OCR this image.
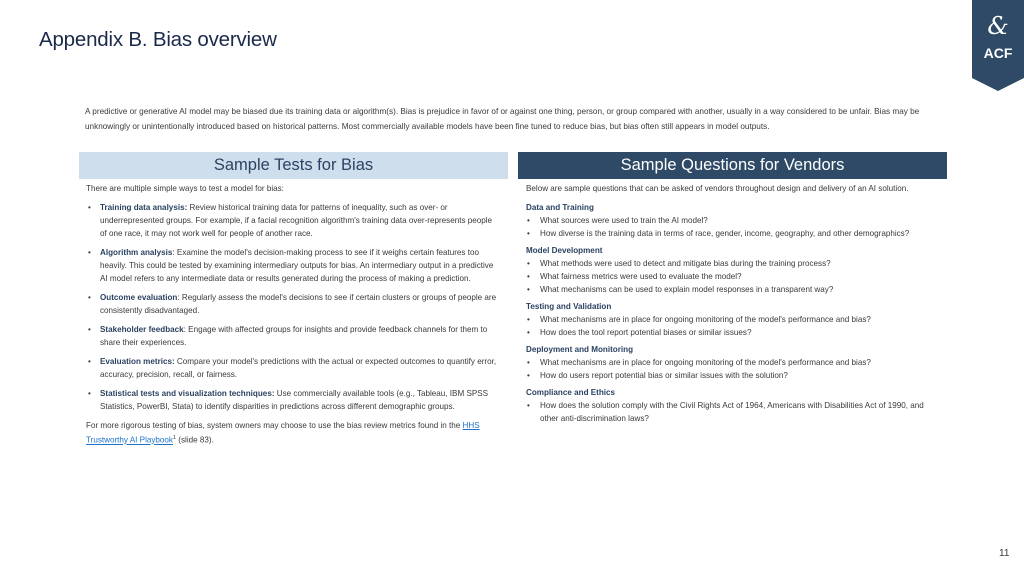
Appendix B. Bias overview	&
ACF
A predictive or generative AI model may be biased due its training data or algorithm(s). Bias is prejudice in favor of or against one thing, person, or group compared with another, usually in a way considered to be unfair. Bias may be unknowingly or unintentionally introduced based on historical patterns. Most commercially available models have been fine tuned to reduce bias, but bias often still appears in model outputs.
Sample Tests for Bias	Sample Questions for Vendors

There are multiple simple ways to test a model for bias:

• Training data analysis: Review historical training data for patterns of inequality, such as over- or underrepresented groups. For example, if a facial recognition algorithm's training data over-represents people of one race, it may not work well for people of another race.
• Algorithm analysis: Examine the model's decision-making process to see if it weighs certain features too heavily. This could be tested by examining intermediary outputs for bias. An intermediary output in a predictive AI model refers to any intermediate data or results generated during the process of making a prediction.
• Outcome evaluation: Regularly assess the model's decisions to see if certain clusters or groups of people are consistently disadvantaged.
• Stakeholder feedback: Engage with affected groups for insights and provide feedback channels for them to share their experiences.
• Evaluation metrics: Compare your model's predictions with the actual or expected outcomes to quantify error, accuracy, precision, recall, or fairness.
• Statistical tests and visualization techniques: Use commercially available tools (e.g., Tableau, IBM SPSS Statistics, PowerBI, Stata) to identify disparities in predictions across different demographic groups.

For more rigorous testing of bias, system owners may choose to use the bias review metrics found in the HHS Trustworthy AI Playbook$^1$ (slide 83).

Below are sample questions that can be asked of vendors throughout design and delivery of an AI solution.

Data and Training
• What sources were used to train the AI model?
• How diverse is the training data in terms of race, gender, income, geography, and other demographics?
Model Development
• What methods were used to detect and mitigate bias during the training process?
• What fairness metrics were used to evaluate the model?
• What mechanisms can be used to explain model responses in a transparent way?
Testing and Validation
• What mechanisms are in place for ongoing monitoring of the model's performance and bias?
• How does the tool report potential biases or similar issues?
Deployment and Monitoring
• What mechanisms are in place for ongoing monitoring of the model's performance and bias?
• How do users report potential bias or similar issues with the solution?
Compliance and Ethics
• How does the solution comply with the Civil Rights Act of 1964, Americans with Disabilities Act of 1990, and other anti-discrimination laws?
11
